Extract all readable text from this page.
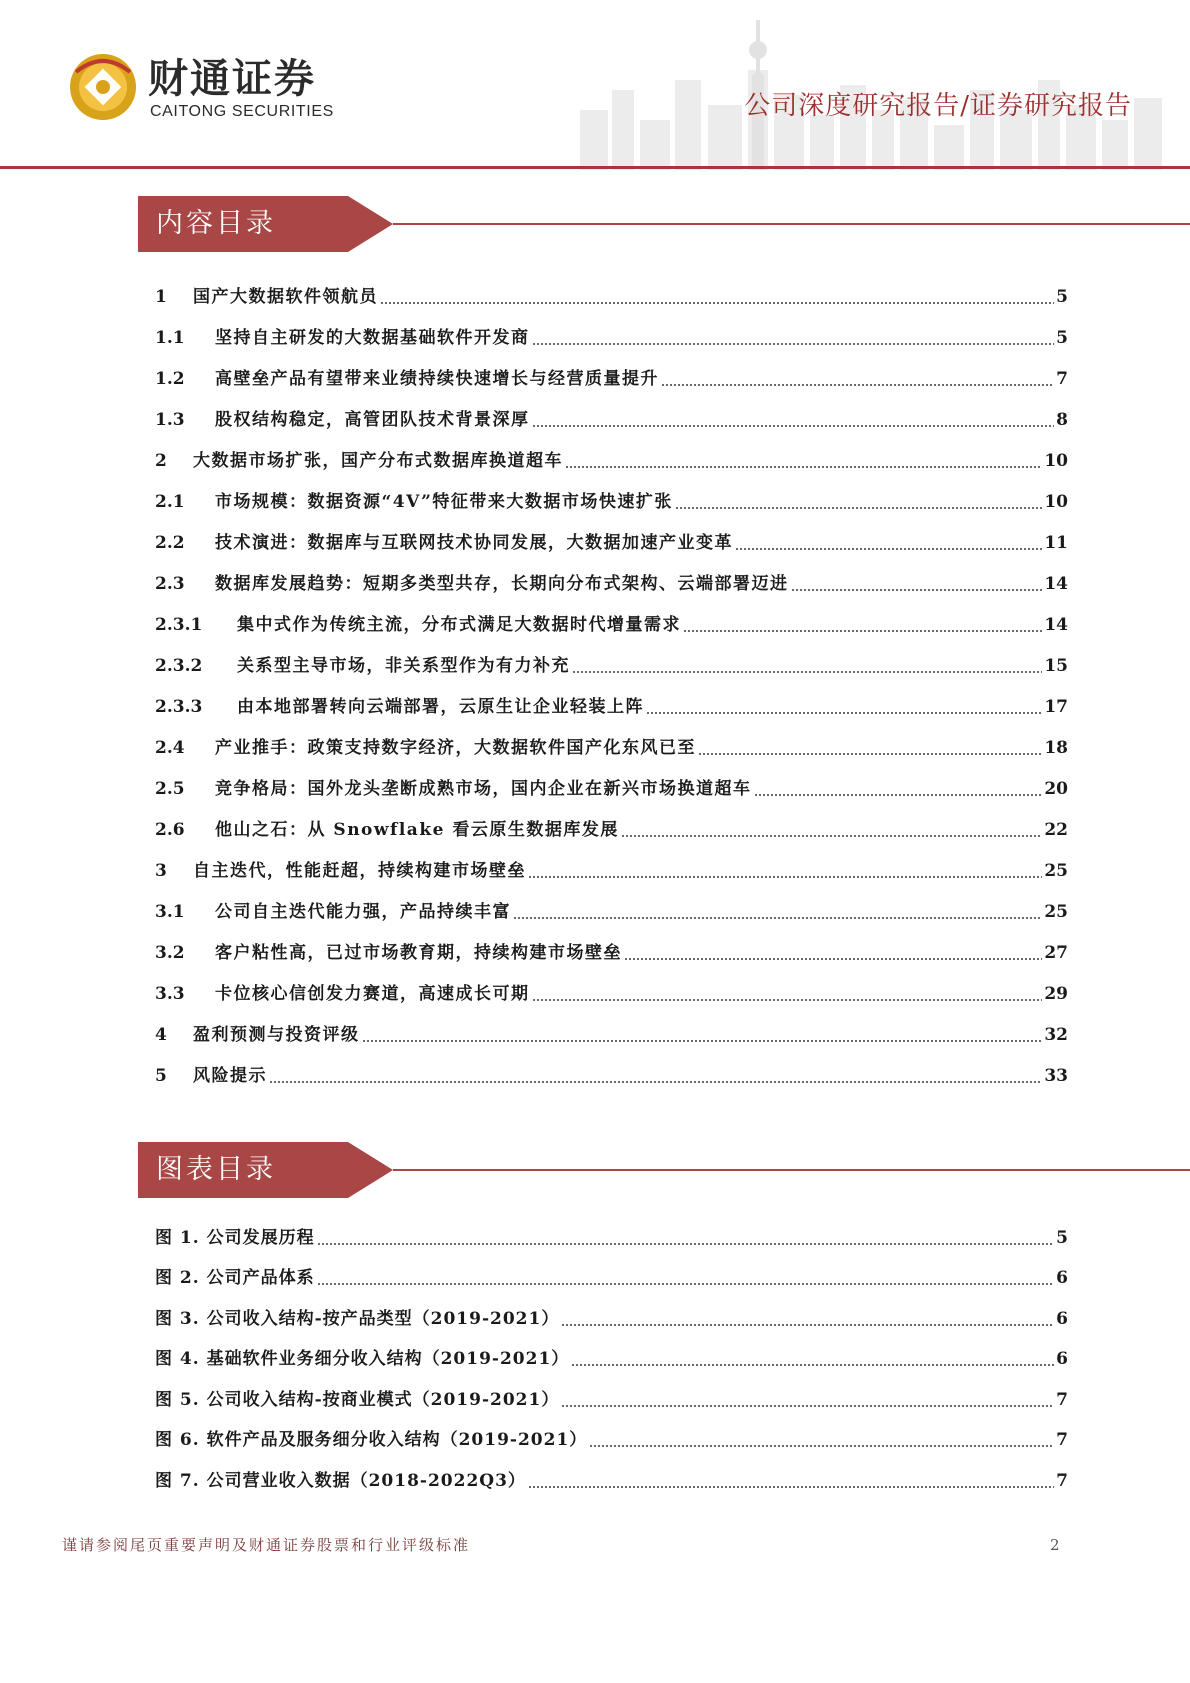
财通证券
CAITONG SECURITIES	公司深度研究报告/证券研究报告
内容目录
1	国产大数据软件领航员	5
1.1	坚持自主研发的大数据基础软件开发商	5
1.2	高壁垒产品有望带来业绩持续快速增长与经营质量提升	7
1.3	股权结构稳定，高管团队技术背景深厚	8
2	大数据市场扩张，国产分布式数据库换道超车	10
2.1	市场规模：数据资源“4V”特征带来大数据市场快速扩张	10
2.2	技术演进：数据库与互联网技术协同发展，大数据加速产业变革	11
2.3	数据库发展趋势：短期多类型共存，长期向分布式架构、云端部署迈进	14
2.3.1	集中式作为传统主流，分布式满足大数据时代增量需求	14
2.3.2	关系型主导市场，非关系型作为有力补充	15
2.3.3	由本地部署转向云端部署，云原生让企业轻装上阵	17
2.4	产业推手：政策支持数字经济，大数据软件国产化东风已至	18
2.5	竞争格局：国外龙头垄断成熟市场，国内企业在新兴市场换道超车	20
2.6	他山之石：从 Snowflake 看云原生数据库发展	22
3	自主迭代，性能赶超，持续构建市场壁垒	25
3.1	公司自主迭代能力强，产品持续丰富	25
3.2	客户粘性高，已过市场教育期，持续构建市场壁垒	27
3.3	卡位核心信创发力赛道，高速成长可期	29
4	盈利预测与投资评级	32
5	风险提示	33
图表目录
图 1. 公司发展历程	5
图 2. 公司产品体系	6
图 3. 公司收入结构-按产品类型（2019-2021）	6
图 4. 基础软件业务细分收入结构（2019-2021）	6
图 5. 公司收入结构-按商业模式（2019-2021）	7
图 6. 软件产品及服务细分收入结构（2019-2021）	7
图 7. 公司营业收入数据（2018-2022Q3）	7
谨请参阅尾页重要声明及财通证券股票和行业评级标准	2
